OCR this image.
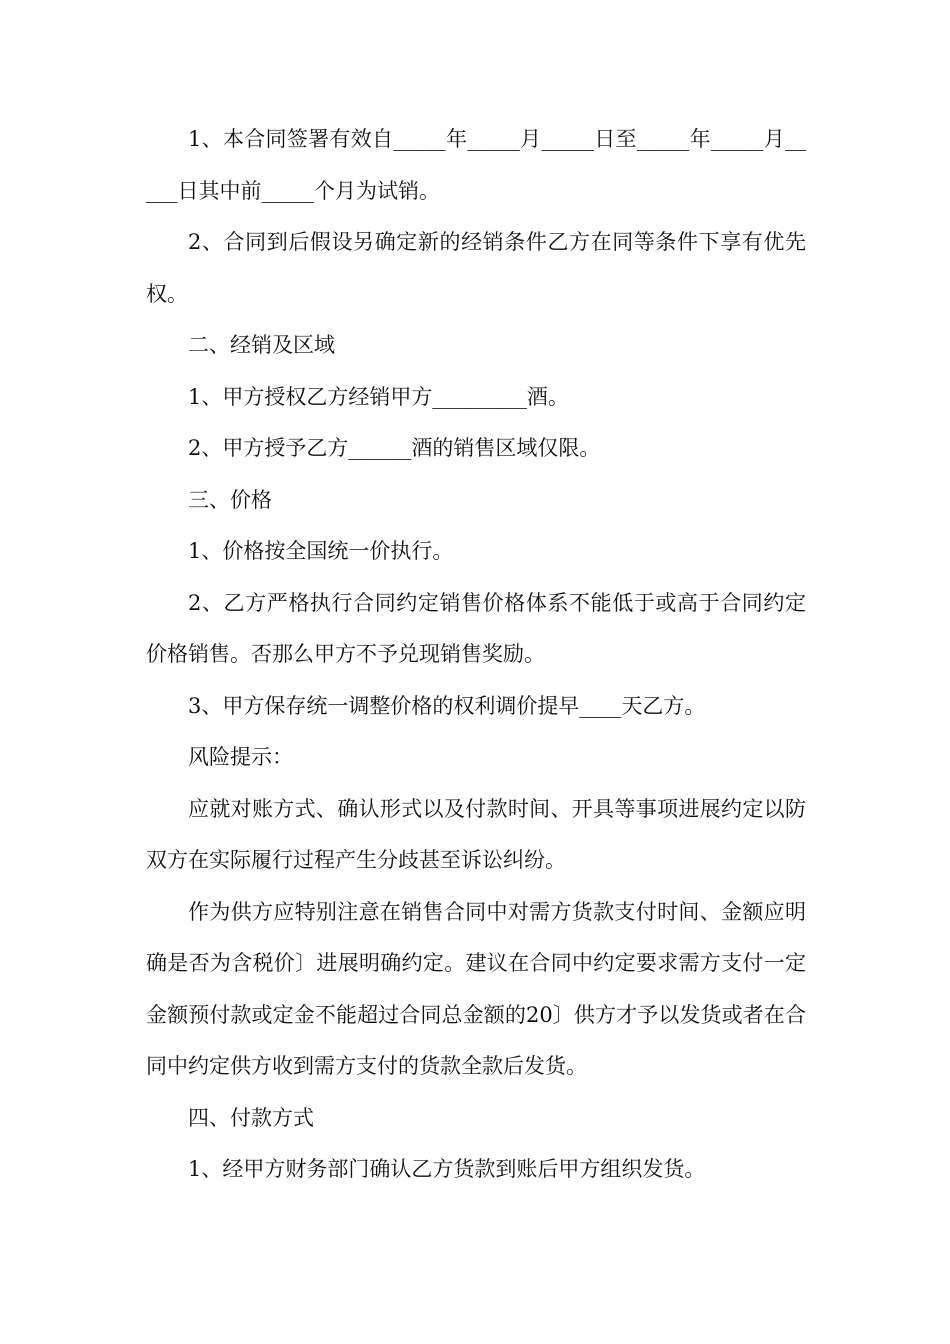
1、本合同签署有效自_____年_____月_____日至_____年_____月_____日其中前_____个月为试销。

2、合同到后假设另确定新的经销条件乙方在同等条件下享有优先权。

二、经销及区域

1、甲方授权乙方经销甲方_________酒。

2、甲方授予乙方______酒的销售区域仅限。

三、价格

1、价格按全国统一价执行。

2、乙方严格执行合同约定销售价格体系不能低于或高于合同约定价格销售。否那么甲方不予兑现销售奖励。

3、甲方保存统一调整价格的权利调价提早____天乙方。

风险提示：

应就对账方式、确认形式以及付款时间、开具等事项进展约定以防双方在实际履行过程产生分歧甚至诉讼纠纷。

作为供方应特别注意在销售合同中对需方货款支付时间、金额应明确是否为含税价〕进展明确约定。建议在合同中约定要求需方支付一定金额预付款或定金不能超过合同总金额的20〕供方才予以发货或者在合同中约定供方收到需方支付的货款全款后发货。

四、付款方式

1、经甲方财务部门确认乙方货款到账后甲方组织发货。
